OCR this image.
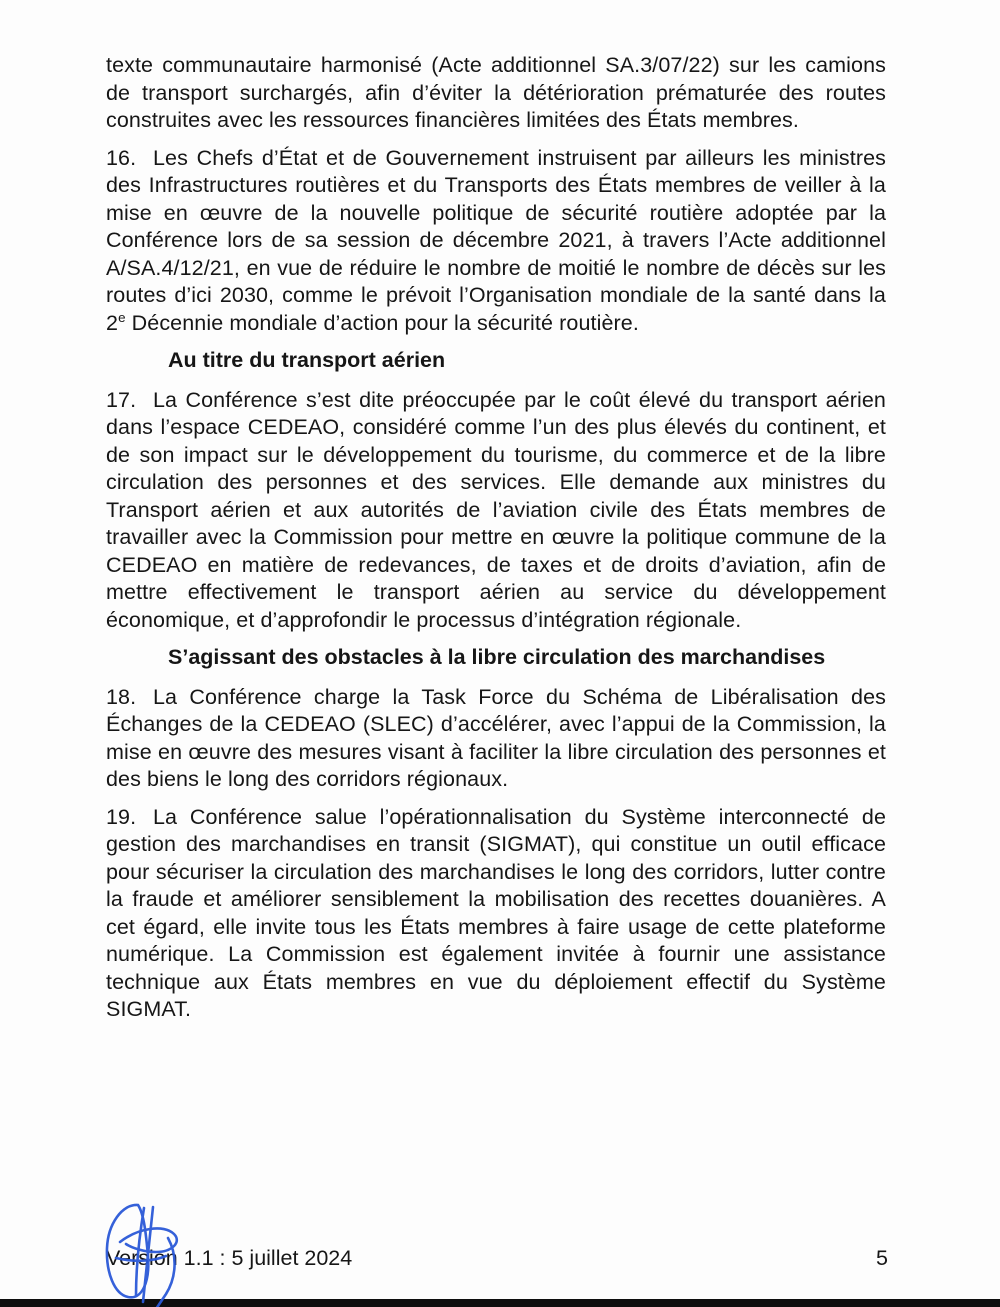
texte communautaire harmonisé (Acte additionnel SA.3/07/22) sur les camions de transport surchargés, afin d’éviter la détérioration prématurée des routes construites avec les ressources financières limitées des États membres.

16. Les Chefs d’État et de Gouvernement instruisent par ailleurs les ministres des Infrastructures routières et du Transports des États membres de veiller à la mise en œuvre de la nouvelle politique de sécurité routière adoptée par la Conférence lors de sa session de décembre 2021, à travers l’Acte additionnel A/SA.4/12/21, en vue de réduire le nombre de moitié le nombre de décès sur les routes d’ici 2030, comme le prévoit l’Organisation mondiale de la santé dans la 2e Décennie mondiale d’action pour la sécurité routière.

Au titre du transport aérien

17. La Conférence s’est dite préoccupée par le coût élevé du transport aérien dans l’espace CEDEAO, considéré comme l’un des plus élevés du continent, et de son impact sur le développement du tourisme, du commerce et de la libre circulation des personnes et des services. Elle demande aux ministres du Transport aérien et aux autorités de l’aviation civile des États membres de travailler avec la Commission pour mettre en œuvre la politique commune de la CEDEAO en matière de redevances, de taxes et de droits d’aviation, afin de mettre effectivement le transport aérien au service du développement économique, et d’approfondir le processus d’intégration régionale.

S’agissant des obstacles à la libre circulation des marchandises

18. La Conférence charge la Task Force du Schéma de Libéralisation des Échanges de la CEDEAO (SLEC) d’accélérer, avec l’appui de la Commission, la mise en œuvre des mesures visant à faciliter la libre circulation des personnes et des biens le long des corridors régionaux.

19. La Conférence salue l’opérationnalisation du Système interconnecté de gestion des marchandises en transit (SIGMAT), qui constitue un outil efficace pour sécuriser la circulation des marchandises le long des corridors, lutter contre la fraude et améliorer sensiblement la mobilisation des recettes douanières. A cet égard, elle invite tous les États membres à faire usage de cette plateforme numérique. La Commission est également invitée à fournir une assistance technique aux États membres en vue du déploiement effectif du Système SIGMAT.

Version 1.1 : 5 juillet 2024	5
